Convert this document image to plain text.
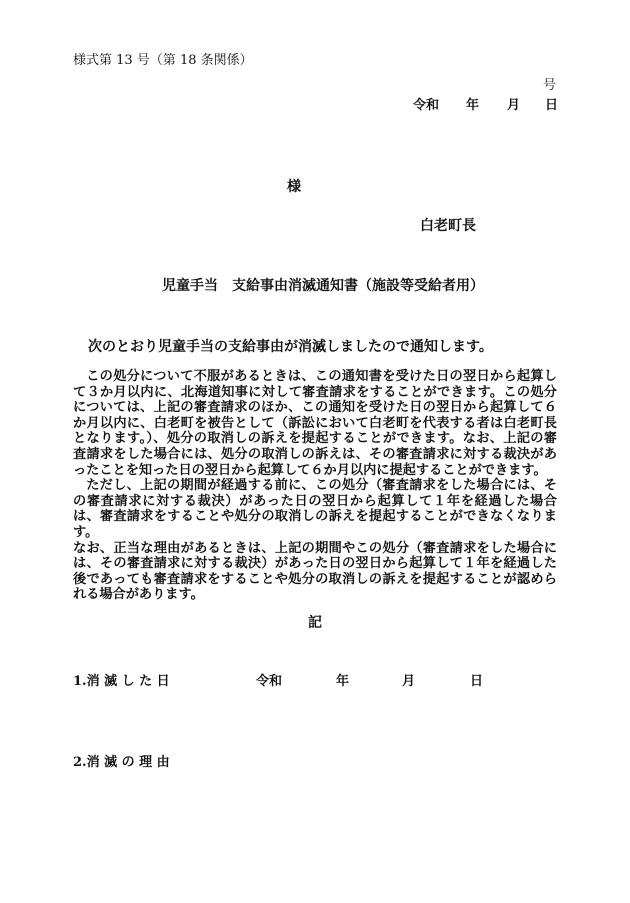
様式第 13 号（第 18 条関係）
号
令和 年 月 日
様
白老町長
児童手当　支給事由消滅通知書（施設等受給者用）
次のとおり児童手当の支給事由が消滅しましたので通知します。

この処分について不服があるときは、この通知書を受けた日の翌日から起算して３か月以内に、北海道知事に対して審査請求をすることができます。この処分については、上記の審査請求のほか、この通知を受けた日の翌日から起算して６か月以内に、白老町を被告として（訴訟において白老町を代表する者は白老町長となります。）、処分の取消しの訴えを提起することができます。なお、上記の審査請求をした場合には、処分の取消しの訴えは、その審査請求に対する裁決があったことを知った日の翌日から起算して６か月以内に提起することができます。

ただし、上記の期間が経過する前に、この処分（審査請求をした場合には、その審査請求に対する裁決）があった日の翌日から起算して１年を経過した場合は、審査請求をすることや処分の取消しの訴えを提起することができなくなります。

なお、正当な理由があるときは、上記の期間やこの処分（審査請求をした場合には、その審査請求に対する裁決）があった日の翌日から起算して１年を経過した後であっても審査請求をすることや処分の取消しの訴えを提起することが認められる場合があります。

記
1.消 滅 し た 日	令和	年	月	日
2.消 滅 の 理 由
